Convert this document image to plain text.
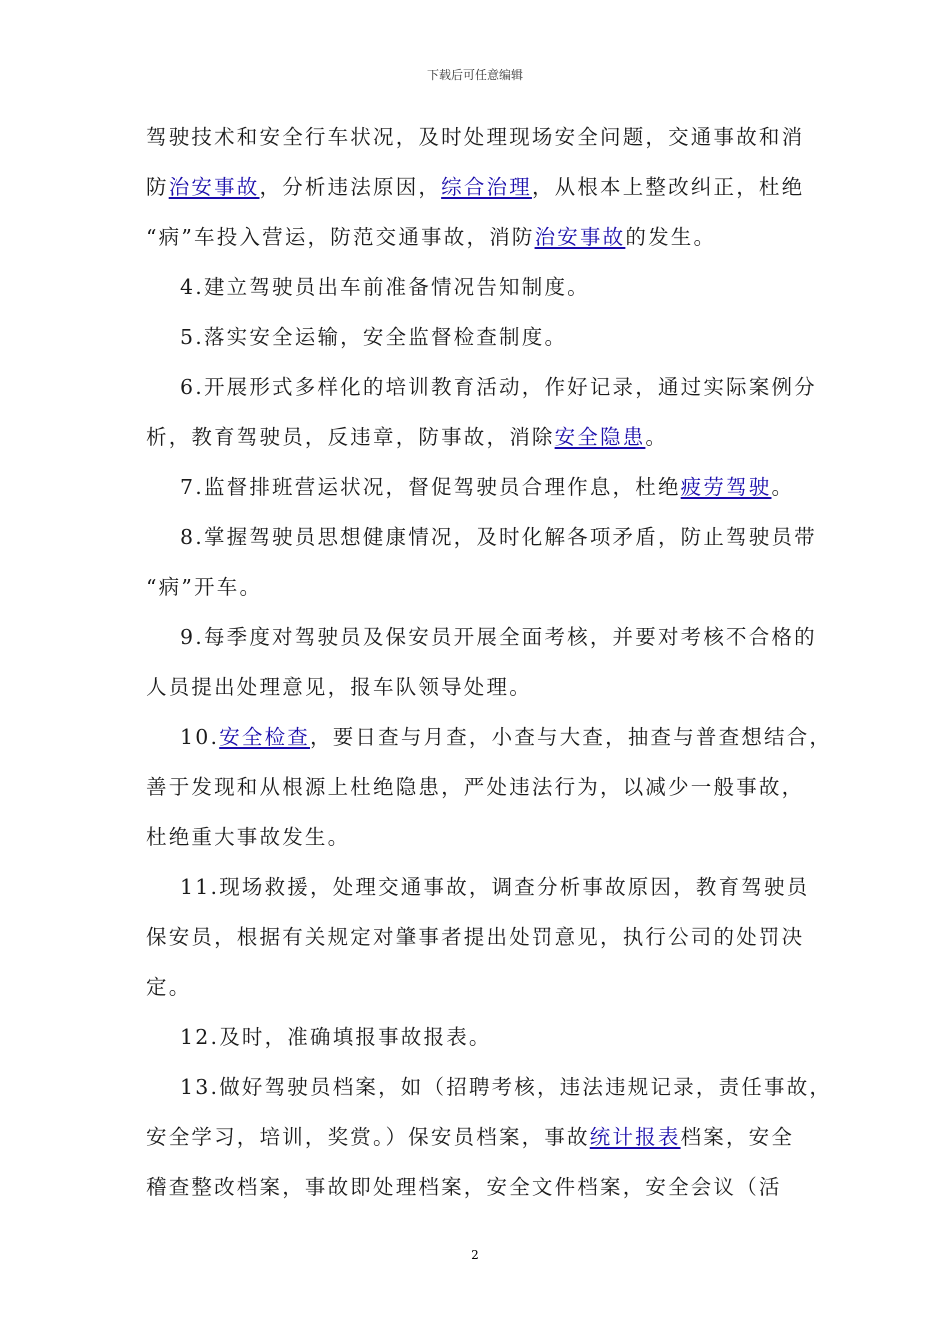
下载后可任意编辑
驾驶技术和安全行车状况，及时处理现场安全问题，交通事故和消
防治安事故，分析违法原因，综合治理，从根本上整改纠正，杜绝
“病”车投入营运，防范交通事故，消防治安事故的发生。
4.建立驾驶员出车前准备情况告知制度。
5.落实安全运输，安全监督检查制度。
6.开展形式多样化的培训教育活动，作好记录，通过实际案例分
析，教育驾驶员，反违章，防事故，消除安全隐患。
7.监督排班营运状况，督促驾驶员合理作息，杜绝疲劳驾驶。
8.掌握驾驶员思想健康情况，及时化解各项矛盾，防止驾驶员带
“病”开车。
9.每季度对驾驶员及保安员开展全面考核，并要对考核不合格的
人员提出处理意见，报车队领导处理。
10.安全检查，要日查与月查，小查与大查，抽查与普查想结合，
善于发现和从根源上杜绝隐患，严处违法行为，以减少一般事故，
杜绝重大事故发生。
11.现场救援，处理交通事故，调查分析事故原因，教育驾驶员
保安员，根据有关规定对肇事者提出处罚意见，执行公司的处罚决
定。
12.及时，准确填报事故报表。
13.做好驾驶员档案，如（招聘考核，违法违规记录，责任事故，
安全学习，培训，奖赏。）保安员档案，事故统计报表档案，安全
稽查整改档案，事故即处理档案，安全文件档案，安全会议（活
2
